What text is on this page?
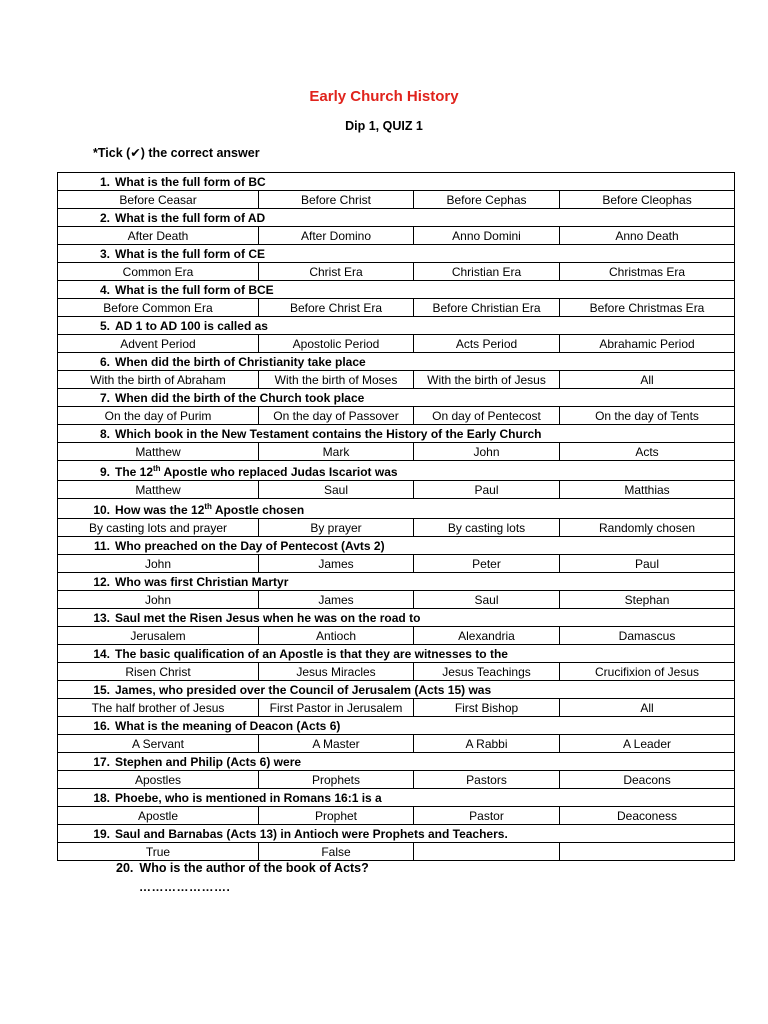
Early Church History
Dip 1, QUIZ 1
*Tick (✔) the correct answer
1. What is the full form of BC			
Before Ceasar	Before Christ	Before Cephas	Before Cleophas
2. What is the full form of AD			
After Death	After Domino	Anno Domini	Anno Death
3. What is the full form of CE			
Common Era	Christ Era	Christian Era	Christmas Era
4. What is the full form of BCE			
Before Common Era	Before Christ Era	Before Christian Era	Before Christmas Era
5. AD 1 to AD 100 is called as			
Advent Period	Apostolic Period	Acts Period	Abrahamic Period
6. When did the birth of Christianity take place			
With the birth of Abraham	With the birth of Moses	With the birth of Jesus	All
7. When did the birth of the Church took place			
On the day of Purim	On the day of Passover	On day of Pentecost	On the day of Tents
8. Which book in the New Testament contains the History of the Early Church			
Matthew	Mark	John	Acts
9. The 12th Apostle who replaced Judas Iscariot was			
Matthew	Saul	Paul	Matthias
10. How was the 12th Apostle chosen			
By casting lots and prayer	By prayer	By casting lots	Randomly chosen
11. Who preached on the Day of Pentecost (Avts 2)			
John	James	Peter	Paul
12. Who was first Christian Martyr			
John	James	Saul	Stephan
13. Saul met the Risen Jesus when he was on the road to			
Jerusalem	Antioch	Alexandria	Damascus
14. The basic qualification of an Apostle is that they are witnesses to the			
Risen Christ	Jesus Miracles	Jesus Teachings	Crucifixion of Jesus
15. James, who presided over the Council of Jerusalem (Acts 15) was			
The half brother of Jesus	First Pastor in Jerusalem	First Bishop	All
16. What is the meaning of Deacon (Acts 6)			
A Servant	A Master	A Rabbi	A Leader
17. Stephen and Philip (Acts 6) were			
Apostles	Prophets	Pastors	Deacons
18. Phoebe, who is mentioned in Romans 16:1 is a			
Apostle	Prophet	Pastor	Deaconess
19. Saul and Barnabas (Acts 13) in Antioch were Prophets and Teachers.			
True	False		
20. Who is the author of the book of Acts?
………………….
